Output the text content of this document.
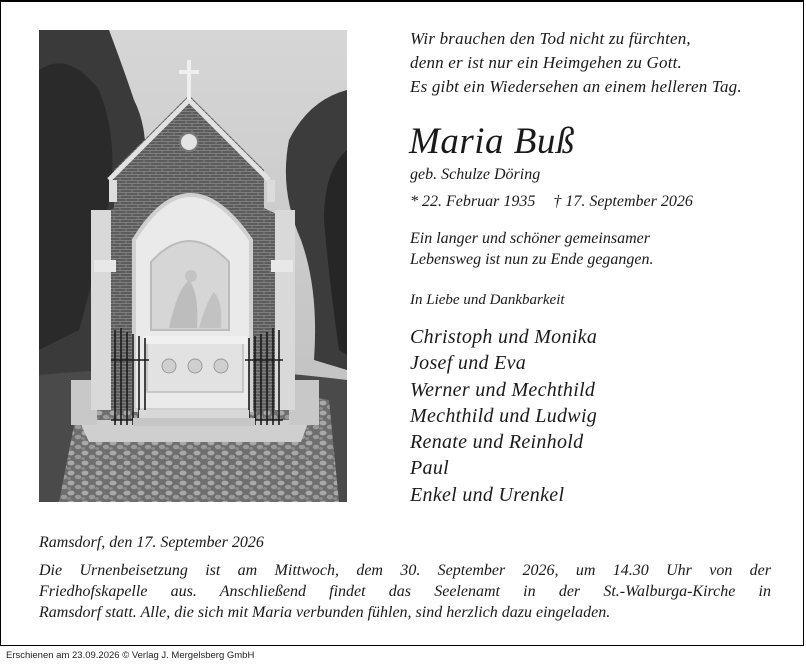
Wir brauchen den Tod nicht zu fürchten,
denn er ist nur ein Heimgehen zu Gott.
Es gibt ein Wiedersehen an einem helleren Tag.
Maria Buß
geb. Schulze Döring
* 22. Februar 1935 † 17. September 2026
Ein langer und schöner gemeinsamer
Lebensweg ist nun zu Ende gegangen.
In Liebe und Dankbarkeit
Christoph und Monika
Josef und Eva
Werner und Mechthild
Mechthild und Ludwig
Renate und Reinhold
Paul
Enkel und Urenkel
Ramsdorf, den 17. September 2026
Die Urnenbeisetzung ist am Mittwoch, dem 30. September 2026, um 14.30 Uhr von der
Friedhofskapelle aus. Anschließend findet das Seelenamt in der St.-Walburga-Kirche in
Ramsdorf statt. Alle, die sich mit Maria verbunden fühlen, sind herzlich dazu eingeladen.
Erschienen am 23.09.2026 © Verlag J. Mergelsberg GmbH
